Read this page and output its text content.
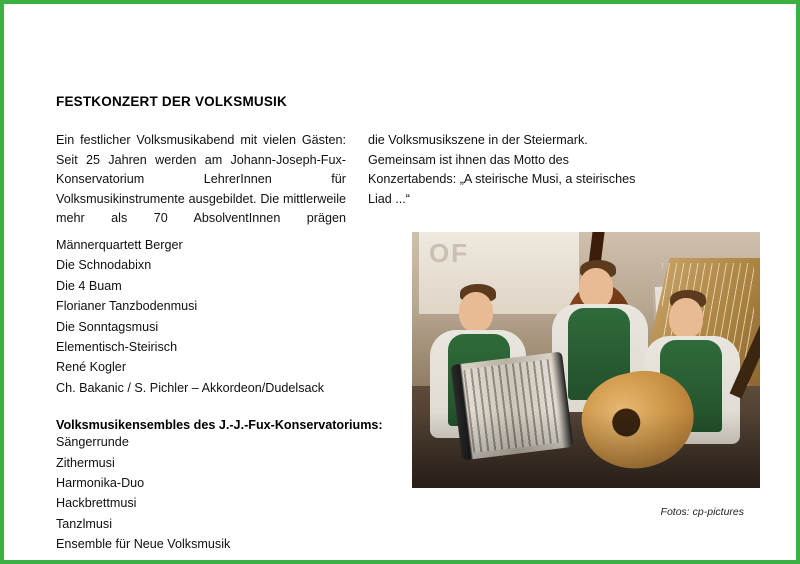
FESTKONZERT DER VOLKSMUSIK
Ein festlicher Volksmusikabend mit vielen Gästen: Seit 25 Jahren werden am Johann-Joseph-Fux-Konservatorium LehrerInnen für Volksmusikinstrumente ausgebildet. Die mittlerweile mehr als 70 AbsolventInnen prägen
die Volksmusikszene in der Steiermark. Gemeinsam ist ihnen das Motto des Konzertabends: „A steirische Musi, a steirisches Liad ...“
Männerquartett Berger
Die Schnodabixn
Die 4 Buam
Florianer Tanzbodenmusi
Die Sonntagsmusi
Elementisch-Steirisch
René Kogler
Ch. Bakanic / S. Pichler – Akkordeon/Dudelsack
Volksmusikensembles des J.-J.-Fux-Konservatoriums:
Sängerrunde
Zithermusi
Harmonika-Duo
Hackbrettmusi
Tanzlmusi
Ensemble für Neue Volksmusik
Fotos: cp-pictures
OF
